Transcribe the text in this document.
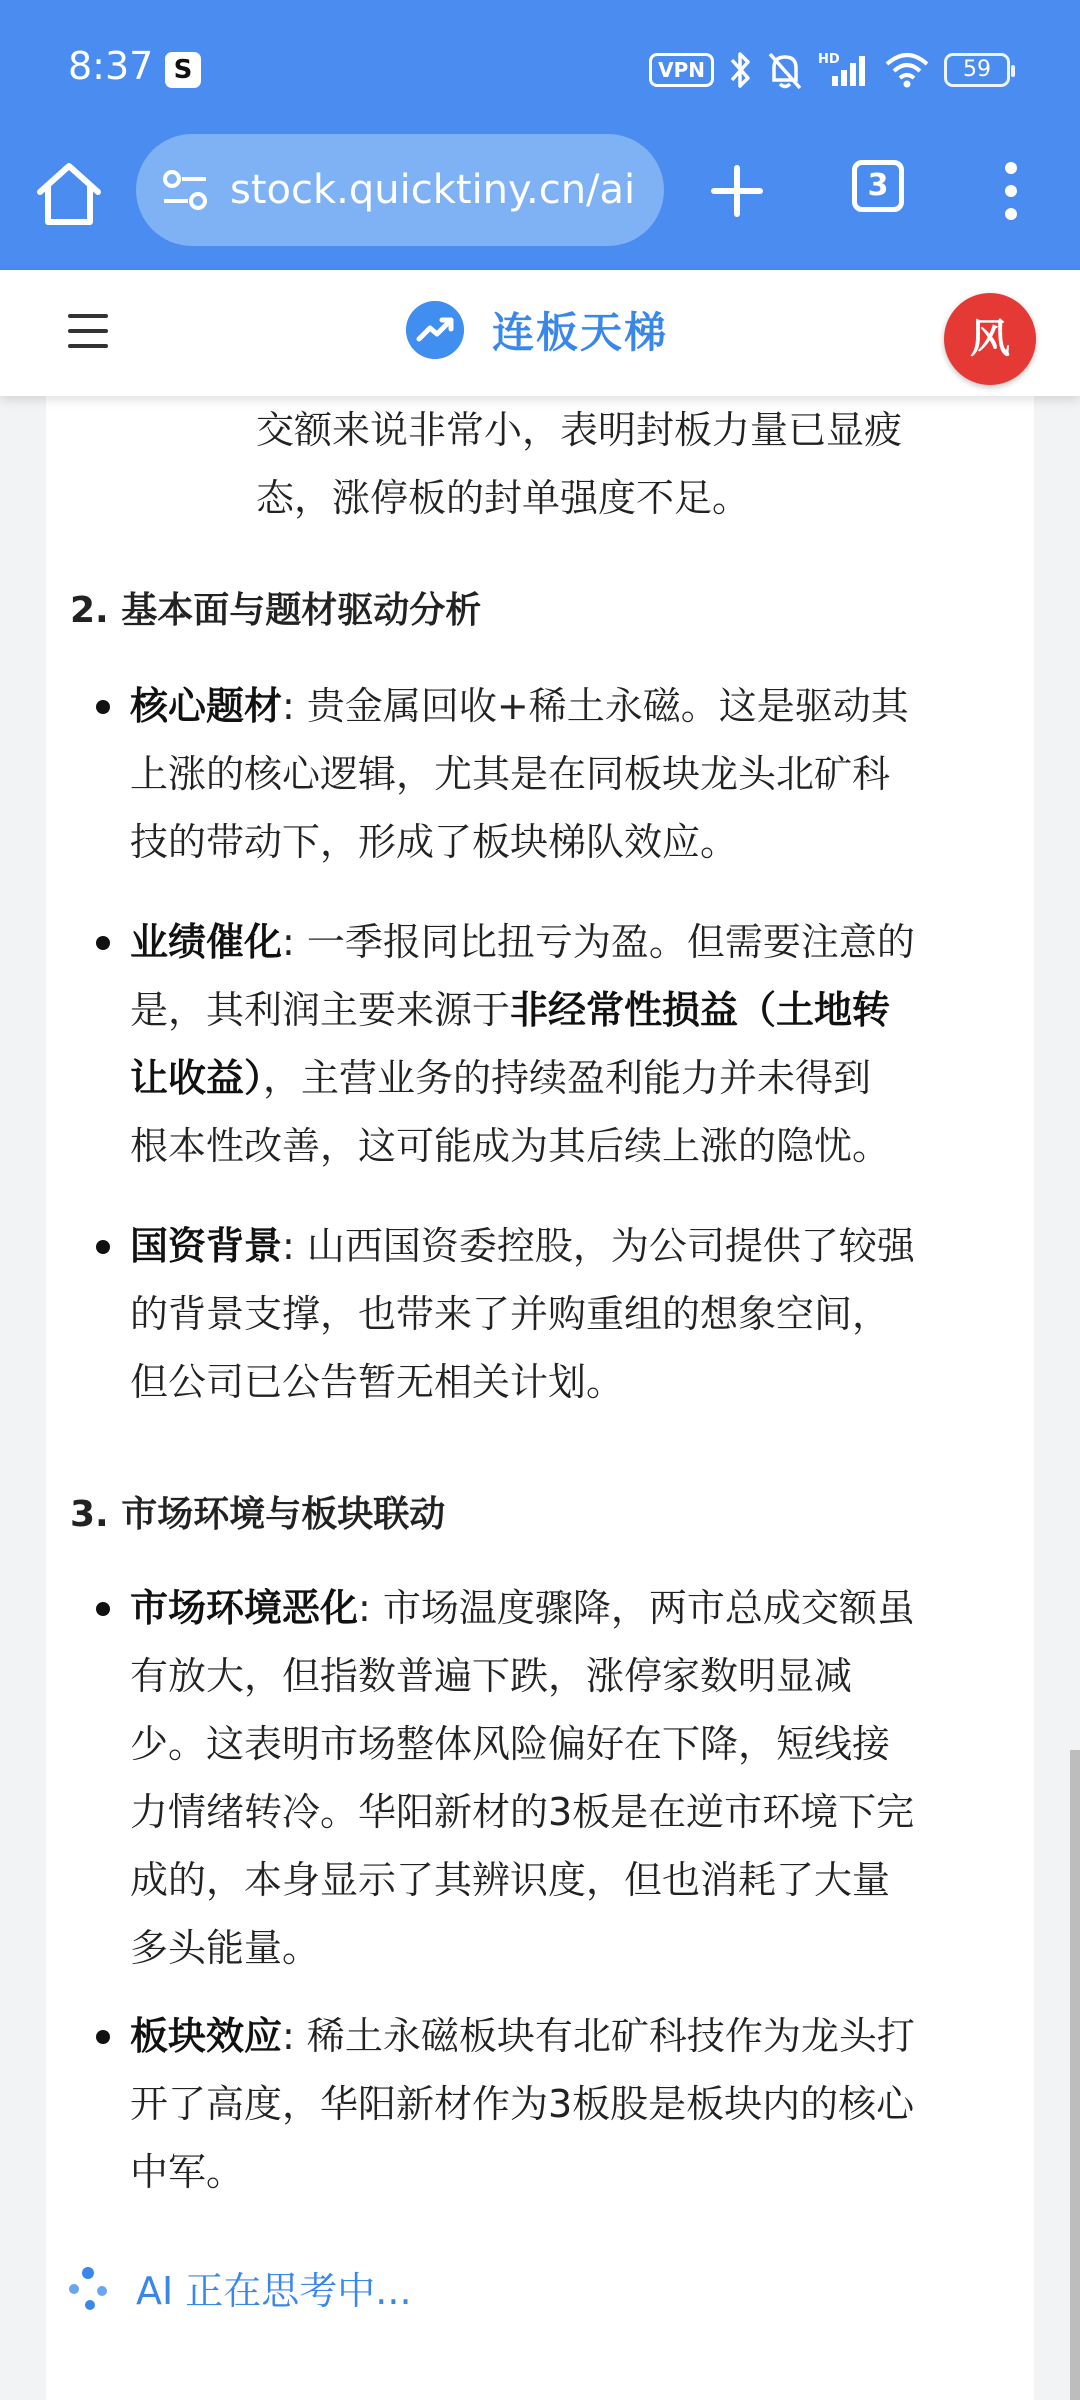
8:37 S	VPN	HD	59
stock.quicktiny.cn/ai	3
连板天梯	风
交额来说非常小，表明封板力量已显疲
态，涨停板的封单强度不足。
2. 基本面与题材驱动分析
核心题材: 贵金属回收+稀土永磁。这是驱动其
上涨的核心逻辑，尤其是在同板块龙头北矿科
技的带动下，形成了板块梯队效应。
业绩催化: 一季报同比扭亏为盈。但需要注意的
是，其利润主要来源于非经常性损益（土地转
让收益），主营业务的持续盈利能力并未得到
根本性改善，这可能成为其后续上涨的隐忧。
国资背景: 山西国资委控股，为公司提供了较强
的背景支撑，也带来了并购重组的想象空间，
但公司已公告暂无相关计划。
3. 市场环境与板块联动
市场环境恶化: 市场温度骤降，两市总成交额虽
有放大，但指数普遍下跌，涨停家数明显减
少。这表明市场整体风险偏好在下降，短线接
力情绪转冷。华阳新材的3板是在逆市环境下完
成的，本身显示了其辨识度，但也消耗了大量
多头能量。
板块效应: 稀土永磁板块有北矿科技作为龙头打
开了高度，华阳新材作为3板股是板块内的核心
中军。
AI 正在思考中...
